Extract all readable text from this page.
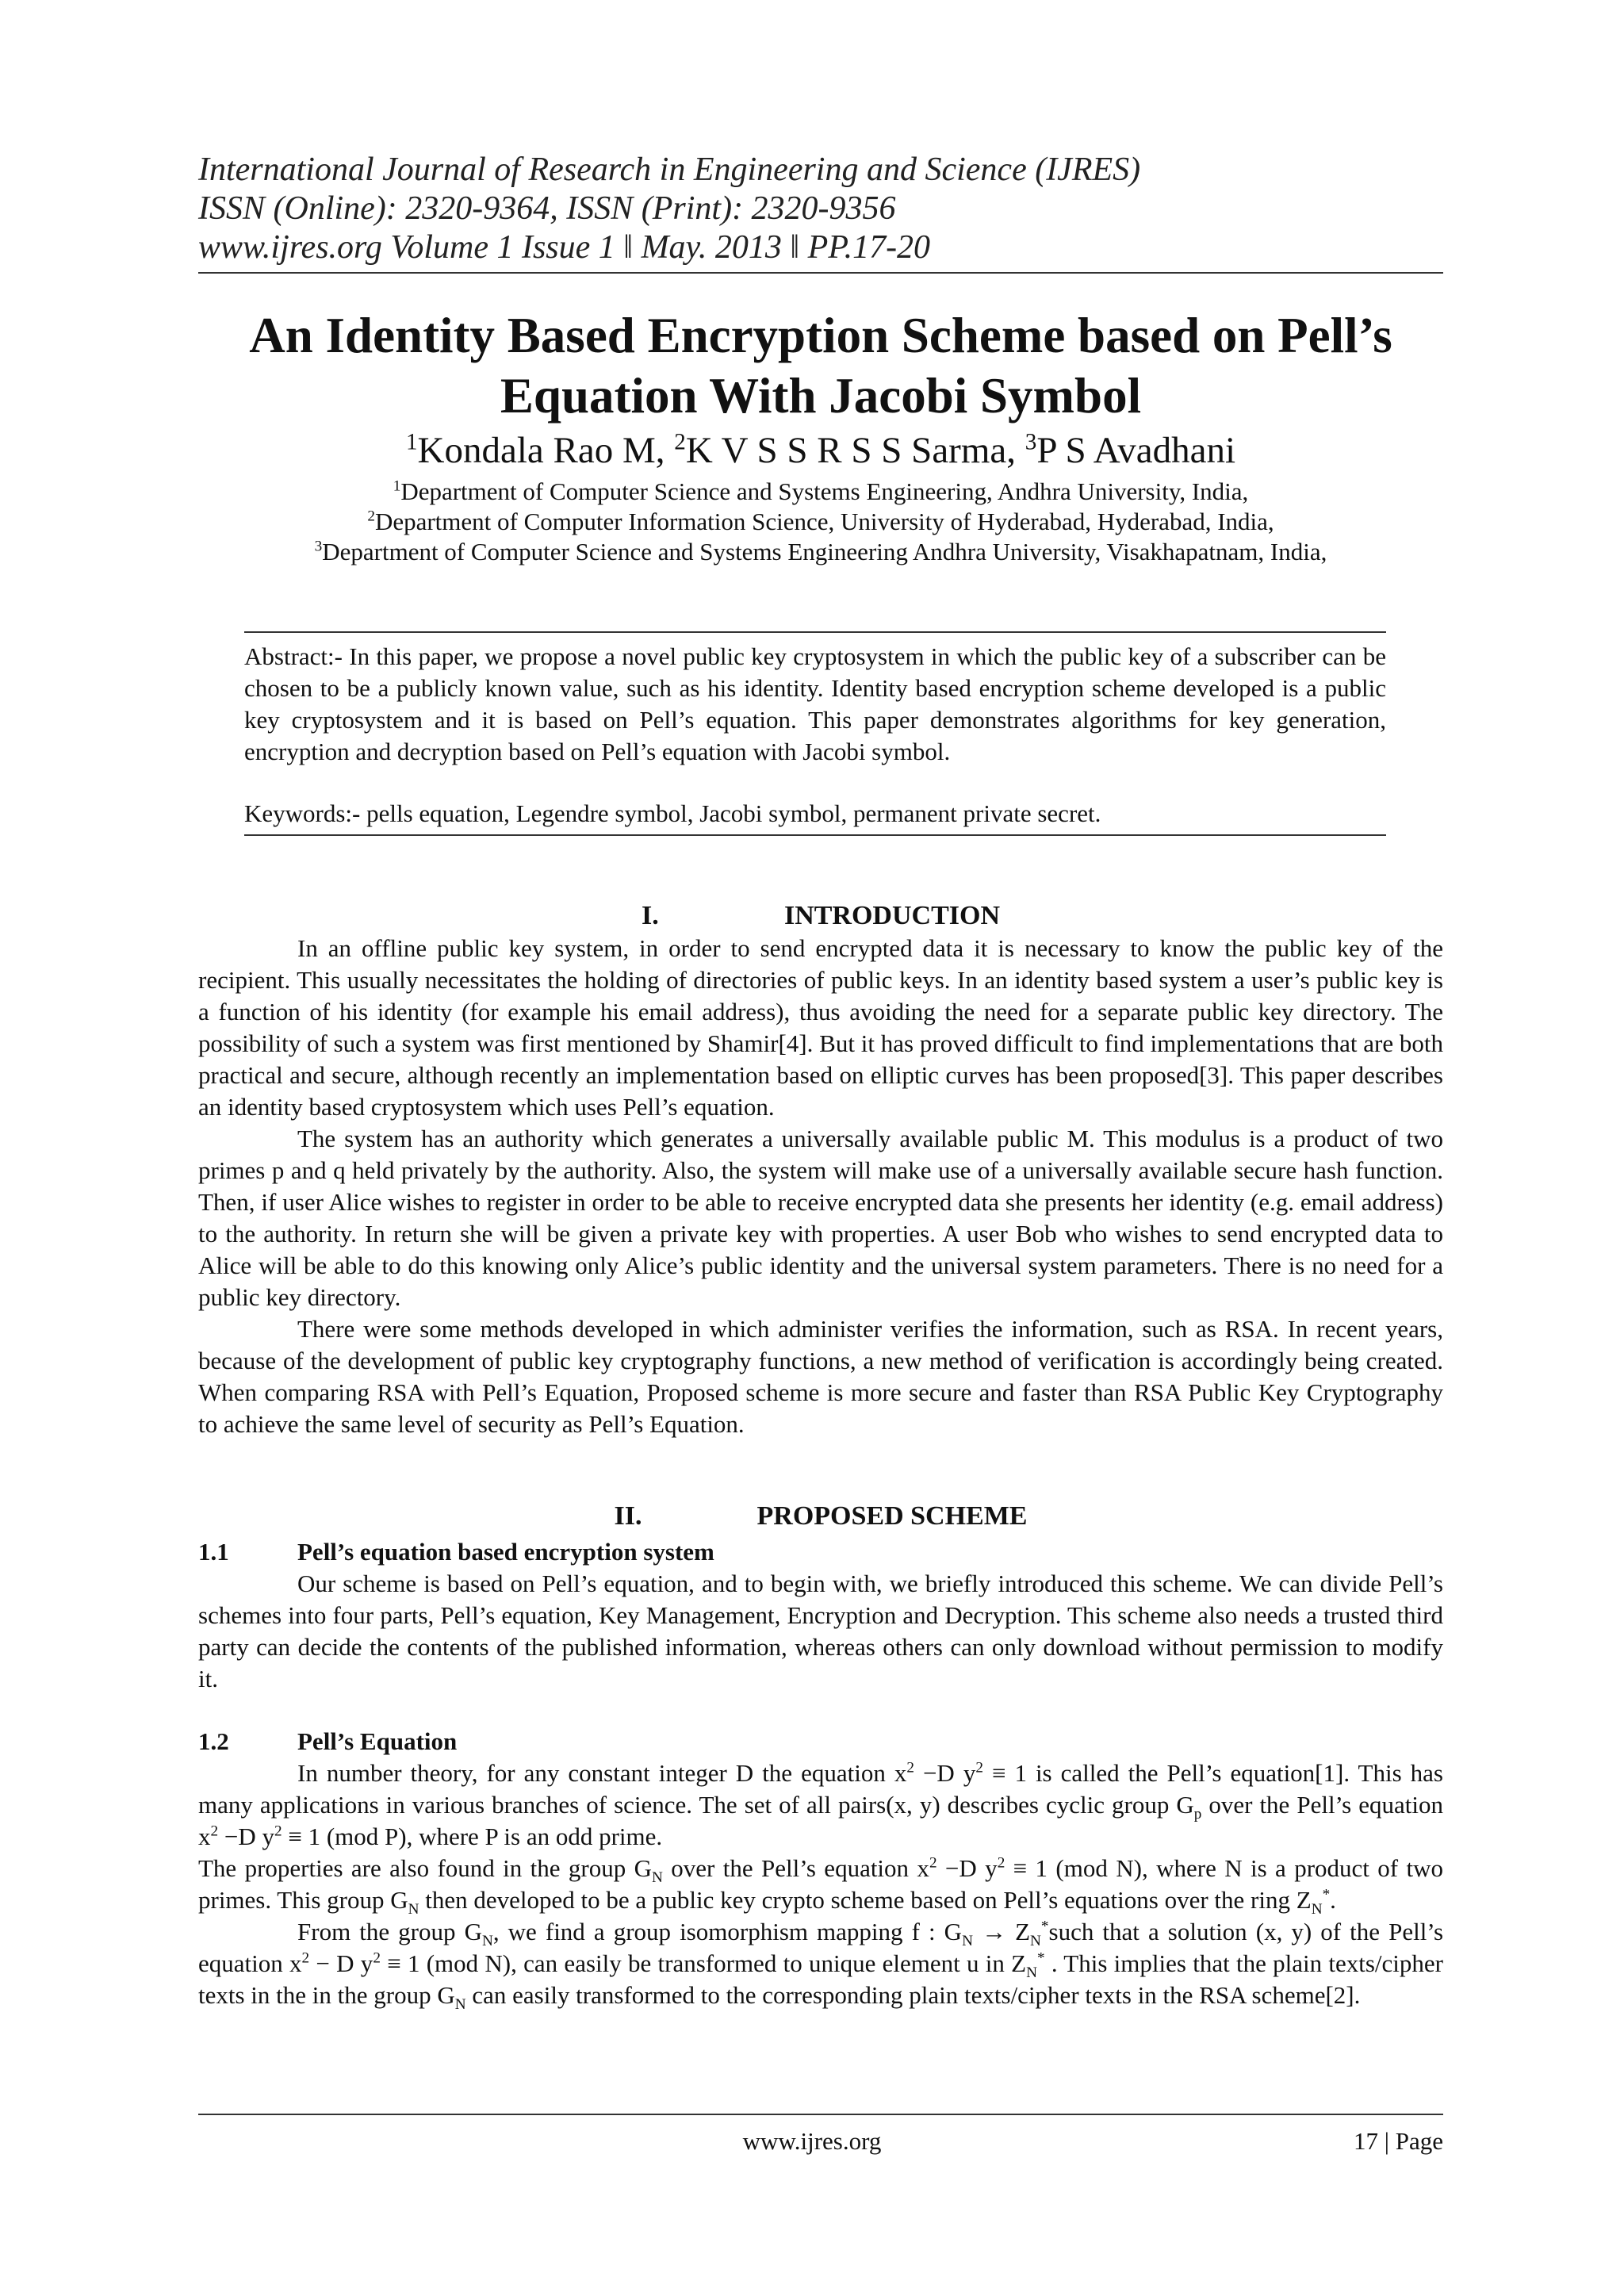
International Journal of Research in Engineering and Science (IJRES)
ISSN (Online): 2320-9364, ISSN (Print): 2320-9356
www.ijres.org Volume 1 Issue 1 ǁ May. 2013 ǁ PP.17-20
An Identity Based Encryption Scheme based on Pell’s
Equation With Jacobi Symbol
$^1$Kondala Rao M, $^2$K V S S R S S Sarma, $^3$P S Avadhani
$^1$Department of Computer Science and Systems Engineering, Andhra University, India,
$^2$Department of Computer Information Science, University of Hyderabad, Hyderabad, India,
$^3$Department of Computer Science and Systems Engineering Andhra University, Visakhapatnam, India,
Abstract:- In this paper, we propose a novel public key cryptosystem in which the public key of a subscriber can be chosen to be a publicly known value, such as his identity. Identity based encryption scheme developed is a public key cryptosystem and it is based on Pell’s equation. This paper demonstrates algorithms for key generation, encryption and decryption based on Pell’s equation with Jacobi symbol.
Keywords:- pells equation, Legendre symbol, Jacobi symbol, permanent private secret.
I.	INTRODUCTION

In an offline public key system, in order to send encrypted data it is necessary to know the public key of the recipient. This usually necessitates the holding of directories of public keys. In an identity based system a user’s public key is a function of his identity (for example his email address), thus avoiding the need for a separate public key directory. The possibility of such a system was first mentioned by Shamir[4]. But it has proved difficult to find implementations that are both practical and secure, although recently an implementation based on elliptic curves has been proposed[3]. This paper describes an identity based cryptosystem which uses Pell’s equation.

The system has an authority which generates a universally available public M. This modulus is a product of two primes p and q held privately by the authority. Also, the system will make use of a universally available secure hash function. Then, if user Alice wishes to register in order to be able to receive encrypted data she presents her identity (e.g. email address) to the authority. In return she will be given a private key with properties. A user Bob who wishes to send encrypted data to Alice will be able to do this knowing only Alice’s public identity and the universal system parameters. There is no need for a public key directory.

There were some methods developed in which administer verifies the information, such as RSA. In recent years, because of the development of public key cryptography functions, a new method of verification is accordingly being created. When comparing RSA with Pell’s Equation, Proposed scheme is more secure and faster than RSA Public Key Cryptography to achieve the same level of security as Pell’s Equation.

II.	PROPOSED SCHEME
1.1	Pell’s equation based encryption system

Our scheme is based on Pell’s equation, and to begin with, we briefly introduced this scheme. We can divide Pell’s schemes into four parts, Pell’s equation, Key Management, Encryption and Decryption. This scheme also needs a trusted third party can decide the contents of the published information, whereas others can only download without permission to modify it.

1.2	Pell’s Equation

In number theory, for any constant integer D the equation $x^2 -D$ $y^2 \equiv 1$ is called the Pell’s equation[1]. This has many applications in various branches of science. The set of all pairs(x, y) describes cyclic group $G_p$ over the Pell’s equation $x^2 -D$ $y^2 \equiv 1$ (mod P), where P is an odd prime.

The properties are also found in the group $G_N$ over the Pell’s equation $x^2 -D$ $y^2 \equiv 1$ (mod N), where N is a product of two primes. This group $G_N$ then developed to be a public key crypto scheme based on Pell’s equations over the ring $Z_N^*$.

From the group $G_N$, we find a group isomorphism mapping f : $G_N$ → $Z_N^*such$ that a solution (x, y) of the Pell’s equation $x^2 - D$ $y^2 \equiv 1$ (mod N), can easily be transformed to unique element u in $Z_N^*$ . This implies that the plain texts/cipher texts in the in the group $G_N$ can easily transformed to the corresponding plain texts/cipher texts in the RSA scheme[2].

www.ijres.org	17 | Page
